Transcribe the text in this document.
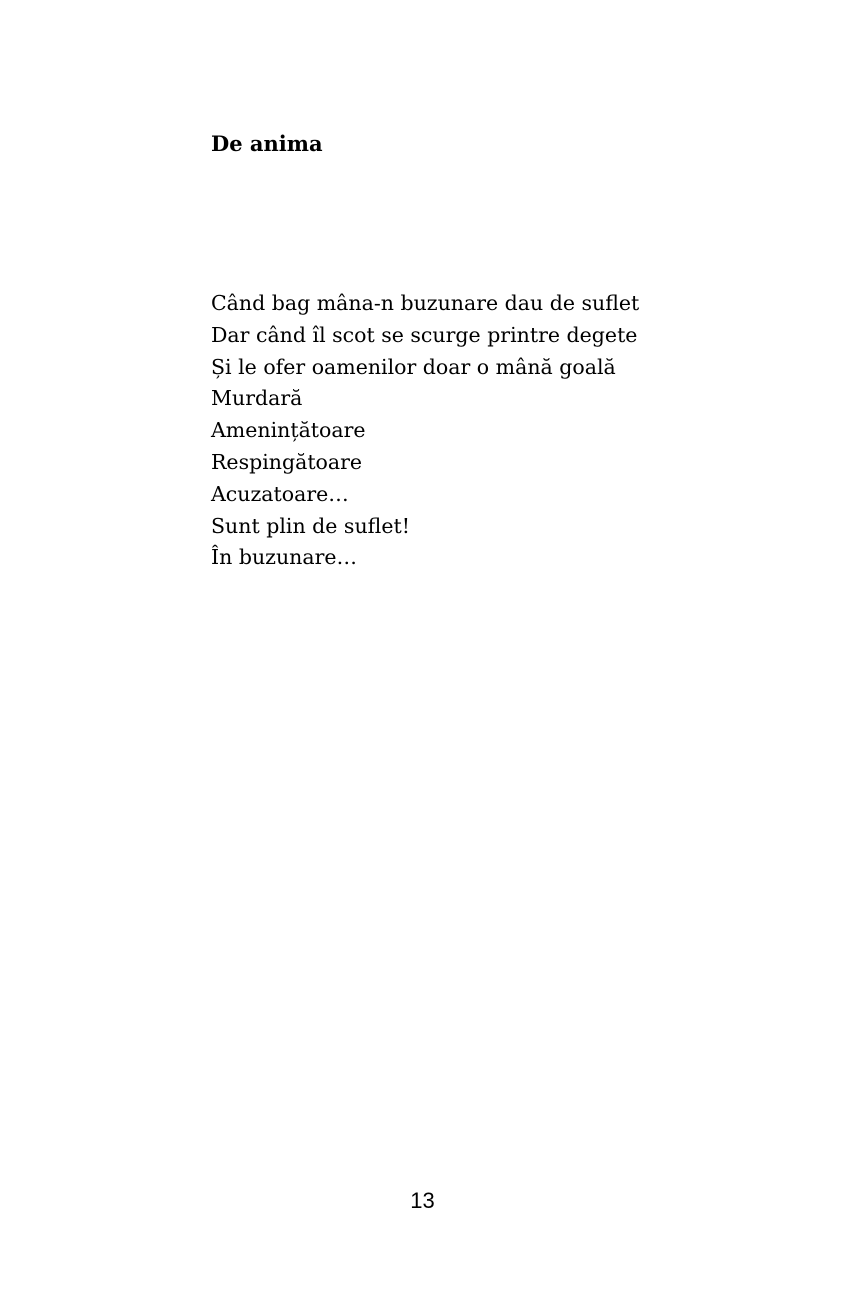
De anima
Când bag mâna-n buzunare dau de suflet
Dar când îl scot se scurge printre degete
Și le ofer oamenilor doar o mână goală
Murdară
Amenințătoare
Respingătoare
Acuzatoare…
Sunt plin de suflet!
În buzunare…
13
